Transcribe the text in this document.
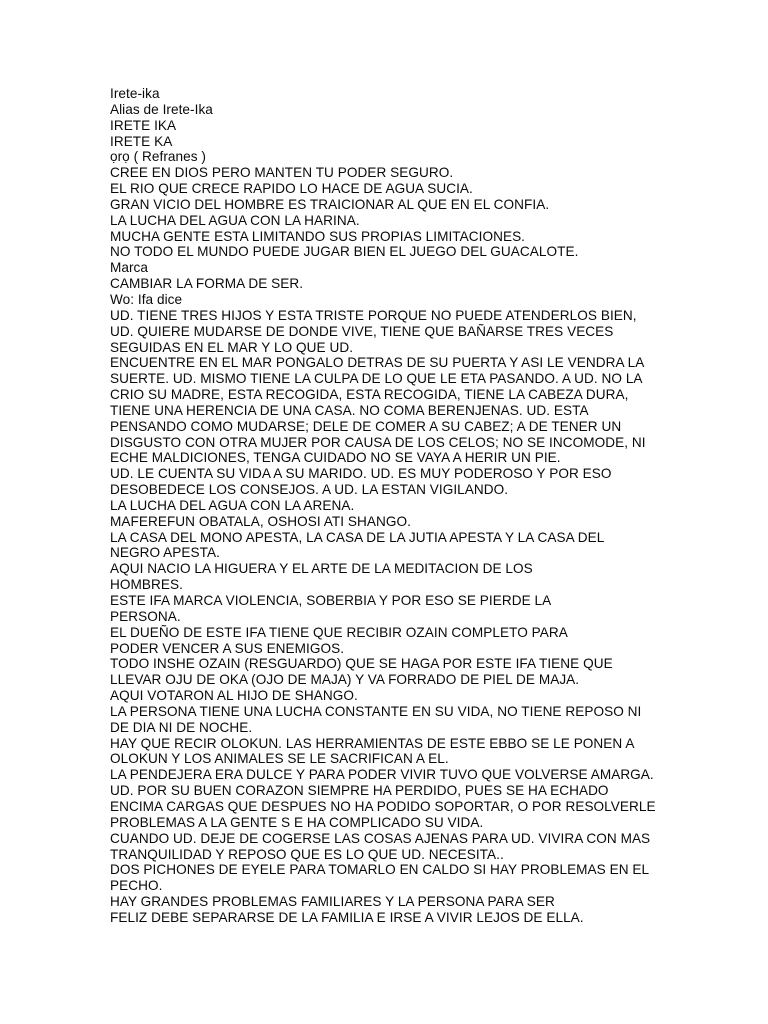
Irete-ika
Alias de Irete-Ika
IRETE IKA
IRETE KA
ọrọ ( Refranes )
CREE EN DIOS PERO MANTEN TU PODER SEGURO.
EL RIO QUE CRECE RAPIDO LO HACE DE AGUA SUCIA.
GRAN VICIO DEL HOMBRE ES TRAICIONAR AL QUE EN EL CONFIA.
LA LUCHA DEL AGUA CON LA HARINA.
MUCHA GENTE ESTA LIMITANDO SUS PROPIAS LIMITACIONES.
NO TODO EL MUNDO PUEDE JUGAR BIEN EL JUEGO DEL GUACALOTE.
Marca
CAMBIAR LA FORMA DE SER.
Wo: Ifa dice
UD. TIENE TRES HIJOS Y ESTA TRISTE PORQUE NO PUEDE ATENDERLOS BIEN,
UD. QUIERE MUDARSE DE DONDE VIVE, TIENE QUE BAÑARSE TRES VECES
SEGUIDAS EN EL MAR Y LO QUE UD.
ENCUENTRE EN EL MAR PONGALO DETRAS DE SU PUERTA Y ASI LE VENDRA LA
SUERTE. UD. MISMO TIENE LA CULPA DE LO QUE LE ETA PASANDO. A UD. NO LA
CRIO SU MADRE, ESTA RECOGIDA, ESTA RECOGIDA, TIENE LA CABEZA DURA,
TIENE UNA HERENCIA DE UNA CASA. NO COMA BERENJENAS. UD. ESTA
PENSANDO COMO MUDARSE; DELE DE COMER A SU CABEZ; A DE TENER UN
DISGUSTO CON OTRA MUJER POR CAUSA DE LOS CELOS; NO SE INCOMODE, NI
ECHE MALDICIONES, TENGA CUIDADO NO SE VAYA A HERIR UN PIE.
UD. LE CUENTA SU VIDA A SU MARIDO. UD. ES MUY PODEROSO Y POR ESO
DESOBEDECE LOS CONSEJOS. A UD. LA ESTAN VIGILANDO.
LA LUCHA DEL AGUA CON LA ARENA.
MAFEREFUN OBATALA, OSHOSI ATI SHANGO.
LA CASA DEL MONO APESTA, LA CASA DE LA JUTIA APESTA Y LA CASA DEL
NEGRO APESTA.
AQUI NACIO LA HIGUERA Y EL ARTE DE LA MEDITACION DE LOS
HOMBRES.
ESTE IFA MARCA VIOLENCIA, SOBERBIA Y POR ESO SE PIERDE LA
PERSONA.
EL DUEÑO DE ESTE IFA TIENE QUE RECIBIR OZAIN COMPLETO PARA
PODER VENCER A SUS ENEMIGOS.
TODO INSHE OZAIN (RESGUARDO) QUE SE HAGA POR ESTE IFA TIENE QUE
LLEVAR OJU DE OKA (OJO DE MAJA) Y VA FORRADO DE PIEL DE MAJA.
AQUI VOTARON AL HIJO DE SHANGO.
LA PERSONA TIENE UNA LUCHA CONSTANTE EN SU VIDA, NO TIENE REPOSO NI
DE DIA NI DE NOCHE.
HAY QUE RECIR OLOKUN. LAS HERRAMIENTAS DE ESTE EBBO SE LE PONEN A
OLOKUN Y LOS ANIMALES SE LE SACRIFICAN A EL.
LA PENDEJERA ERA DULCE Y PARA PODER VIVIR TUVO QUE VOLVERSE AMARGA.
UD. POR SU BUEN CORAZON SIEMPRE HA PERDIDO, PUES SE HA ECHADO
ENCIMA CARGAS QUE DESPUES NO HA PODIDO SOPORTAR, O POR RESOLVERLE
PROBLEMAS A LA GENTE S E HA COMPLICADO SU VIDA.
CUANDO UD. DEJE DE COGERSE LAS COSAS AJENAS PARA UD. VIVIRA CON MAS
TRANQUILIDAD Y REPOSO QUE ES LO QUE UD. NECESITA..
DOS PICHONES DE EYELE PARA TOMARLO EN CALDO SI HAY PROBLEMAS EN EL
PECHO.
HAY GRANDES PROBLEMAS FAMILIARES Y LA PERSONA PARA SER
FELIZ DEBE SEPARARSE DE LA FAMILIA E IRSE A VIVIR LEJOS DE ELLA.
